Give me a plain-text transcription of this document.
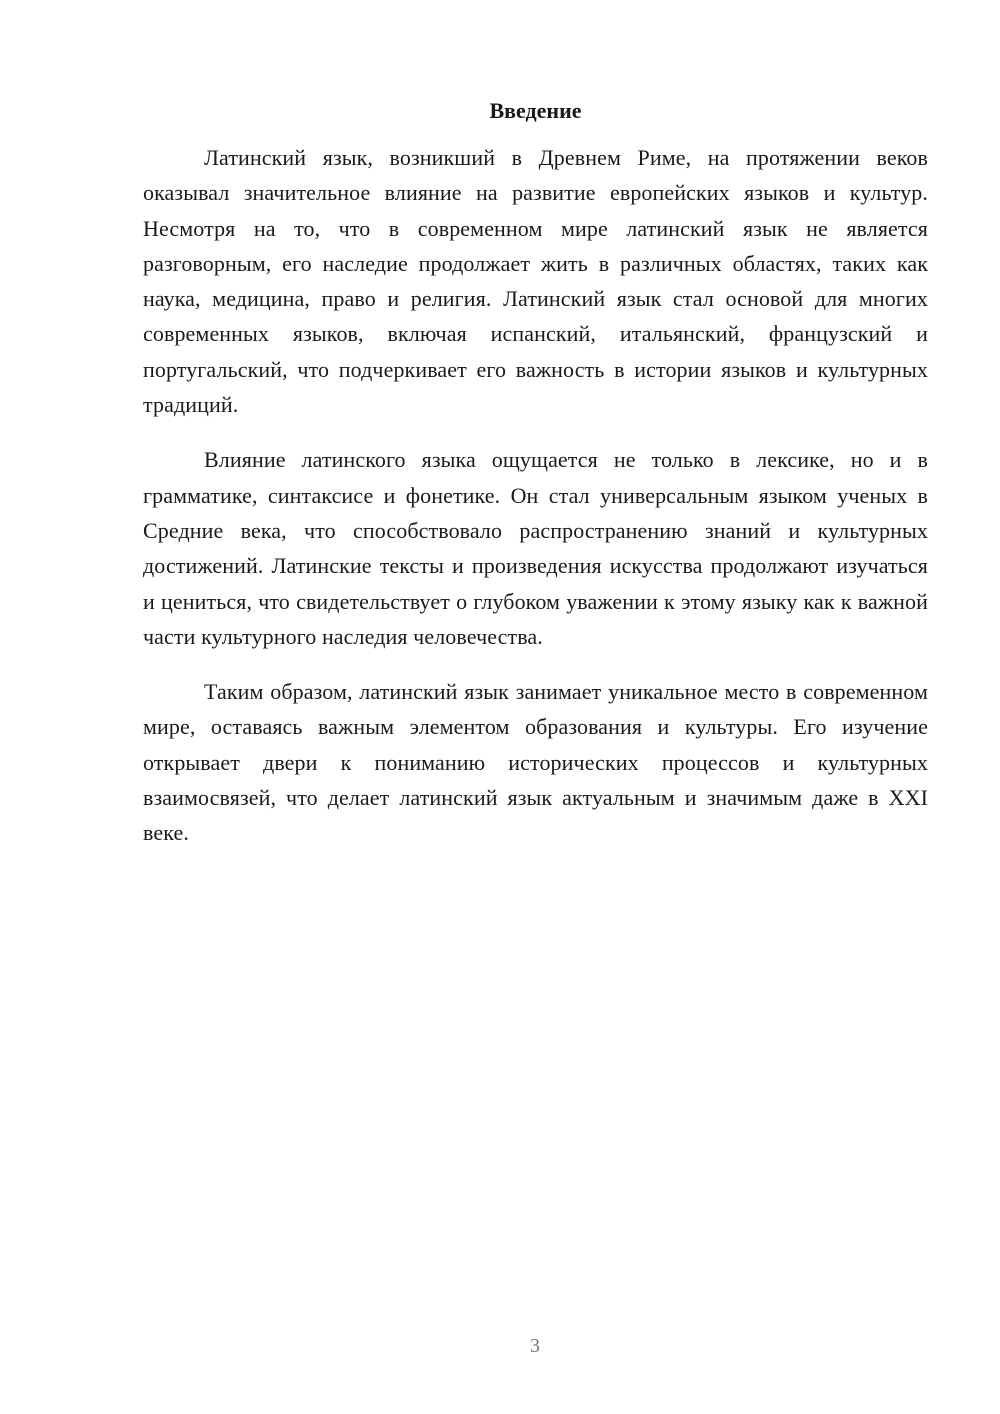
Введение

Латинский язык, возникший в Древнем Риме, на протяжении веков оказывал значительное влияние на развитие европейских языков и культур. Несмотря на то, что в современном мире латинский язык не является разговорным, его наследие продолжает жить в различных областях, таких как наука, медицина, право и религия. Латинский язык стал основой для многих современных языков, включая испанский, итальянский, французский и португальский, что подчеркивает его важность в истории языков и культурных традиций.

Влияние латинского языка ощущается не только в лексике, но и в грамматике, синтаксисе и фонетике. Он стал универсальным языком ученых в Средние века, что способствовало распространению знаний и культурных достижений. Латинские тексты и произведения искусства продолжают изучаться и цениться, что свидетельствует о глубоком уважении к этому языку как к важной части культурного наследия человечества.

Таким образом, латинский язык занимает уникальное место в современном мире, оставаясь важным элементом образования и культуры. Его изучение открывает двери к пониманию исторических процессов и культурных взаимосвязей, что делает латинский язык актуальным и значимым даже в XXI веке.

3
